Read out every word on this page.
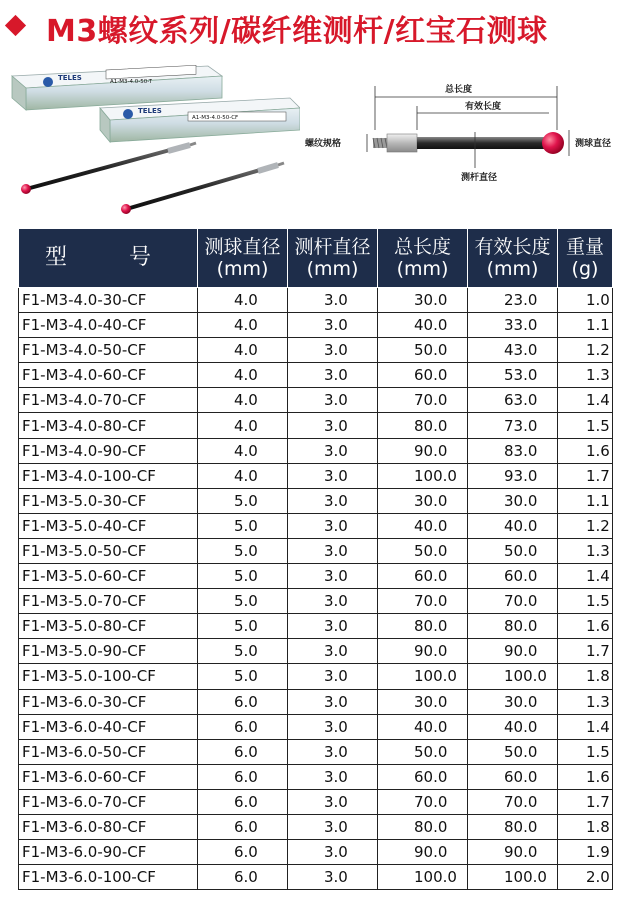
M3螺纹系列/碳纤维测杆/红宝石测球
TELES	A1-M3-4.0-50-T
TELES
A1-M3-4.0-50-CF
总长度
有效长度
螺纹规格	测球直径
测杆直径
型　号	测球直径(mm)	测杆直径(mm)	总长度(mm)	有效长度(mm)	重量(g)
F1-M3-4.0-30-CF	4.0	3.0	30.0	23.0	1.0
F1-M3-4.0-40-CF	4.0	3.0	40.0	33.0	1.1
F1-M3-4.0-50-CF	4.0	3.0	50.0	43.0	1.2
F1-M3-4.0-60-CF	4.0	3.0	60.0	53.0	1.3
F1-M3-4.0-70-CF	4.0	3.0	70.0	63.0	1.4
F1-M3-4.0-80-CF	4.0	3.0	80.0	73.0	1.5
F1-M3-4.0-90-CF	4.0	3.0	90.0	83.0	1.6
F1-M3-4.0-100-CF	4.0	3.0	100.0	93.0	1.7
F1-M3-5.0-30-CF	5.0	3.0	30.0	30.0	1.1
F1-M3-5.0-40-CF	5.0	3.0	40.0	40.0	1.2
F1-M3-5.0-50-CF	5.0	3.0	50.0	50.0	1.3
F1-M3-5.0-60-CF	5.0	3.0	60.0	60.0	1.4
F1-M3-5.0-70-CF	5.0	3.0	70.0	70.0	1.5
F1-M3-5.0-80-CF	5.0	3.0	80.0	80.0	1.6
F1-M3-5.0-90-CF	5.0	3.0	90.0	90.0	1.7
F1-M3-5.0-100-CF	5.0	3.0	100.0	100.0	1.8
F1-M3-6.0-30-CF	6.0	3.0	30.0	30.0	1.3
F1-M3-6.0-40-CF	6.0	3.0	40.0	40.0	1.4
F1-M3-6.0-50-CF	6.0	3.0	50.0	50.0	1.5
F1-M3-6.0-60-CF	6.0	3.0	60.0	60.0	1.6
F1-M3-6.0-70-CF	6.0	3.0	70.0	70.0	1.7
F1-M3-6.0-80-CF	6.0	3.0	80.0	80.0	1.8
F1-M3-6.0-90-CF	6.0	3.0	90.0	90.0	1.9
F1-M3-6.0-100-CF	6.0	3.0	100.0	100.0	2.0
